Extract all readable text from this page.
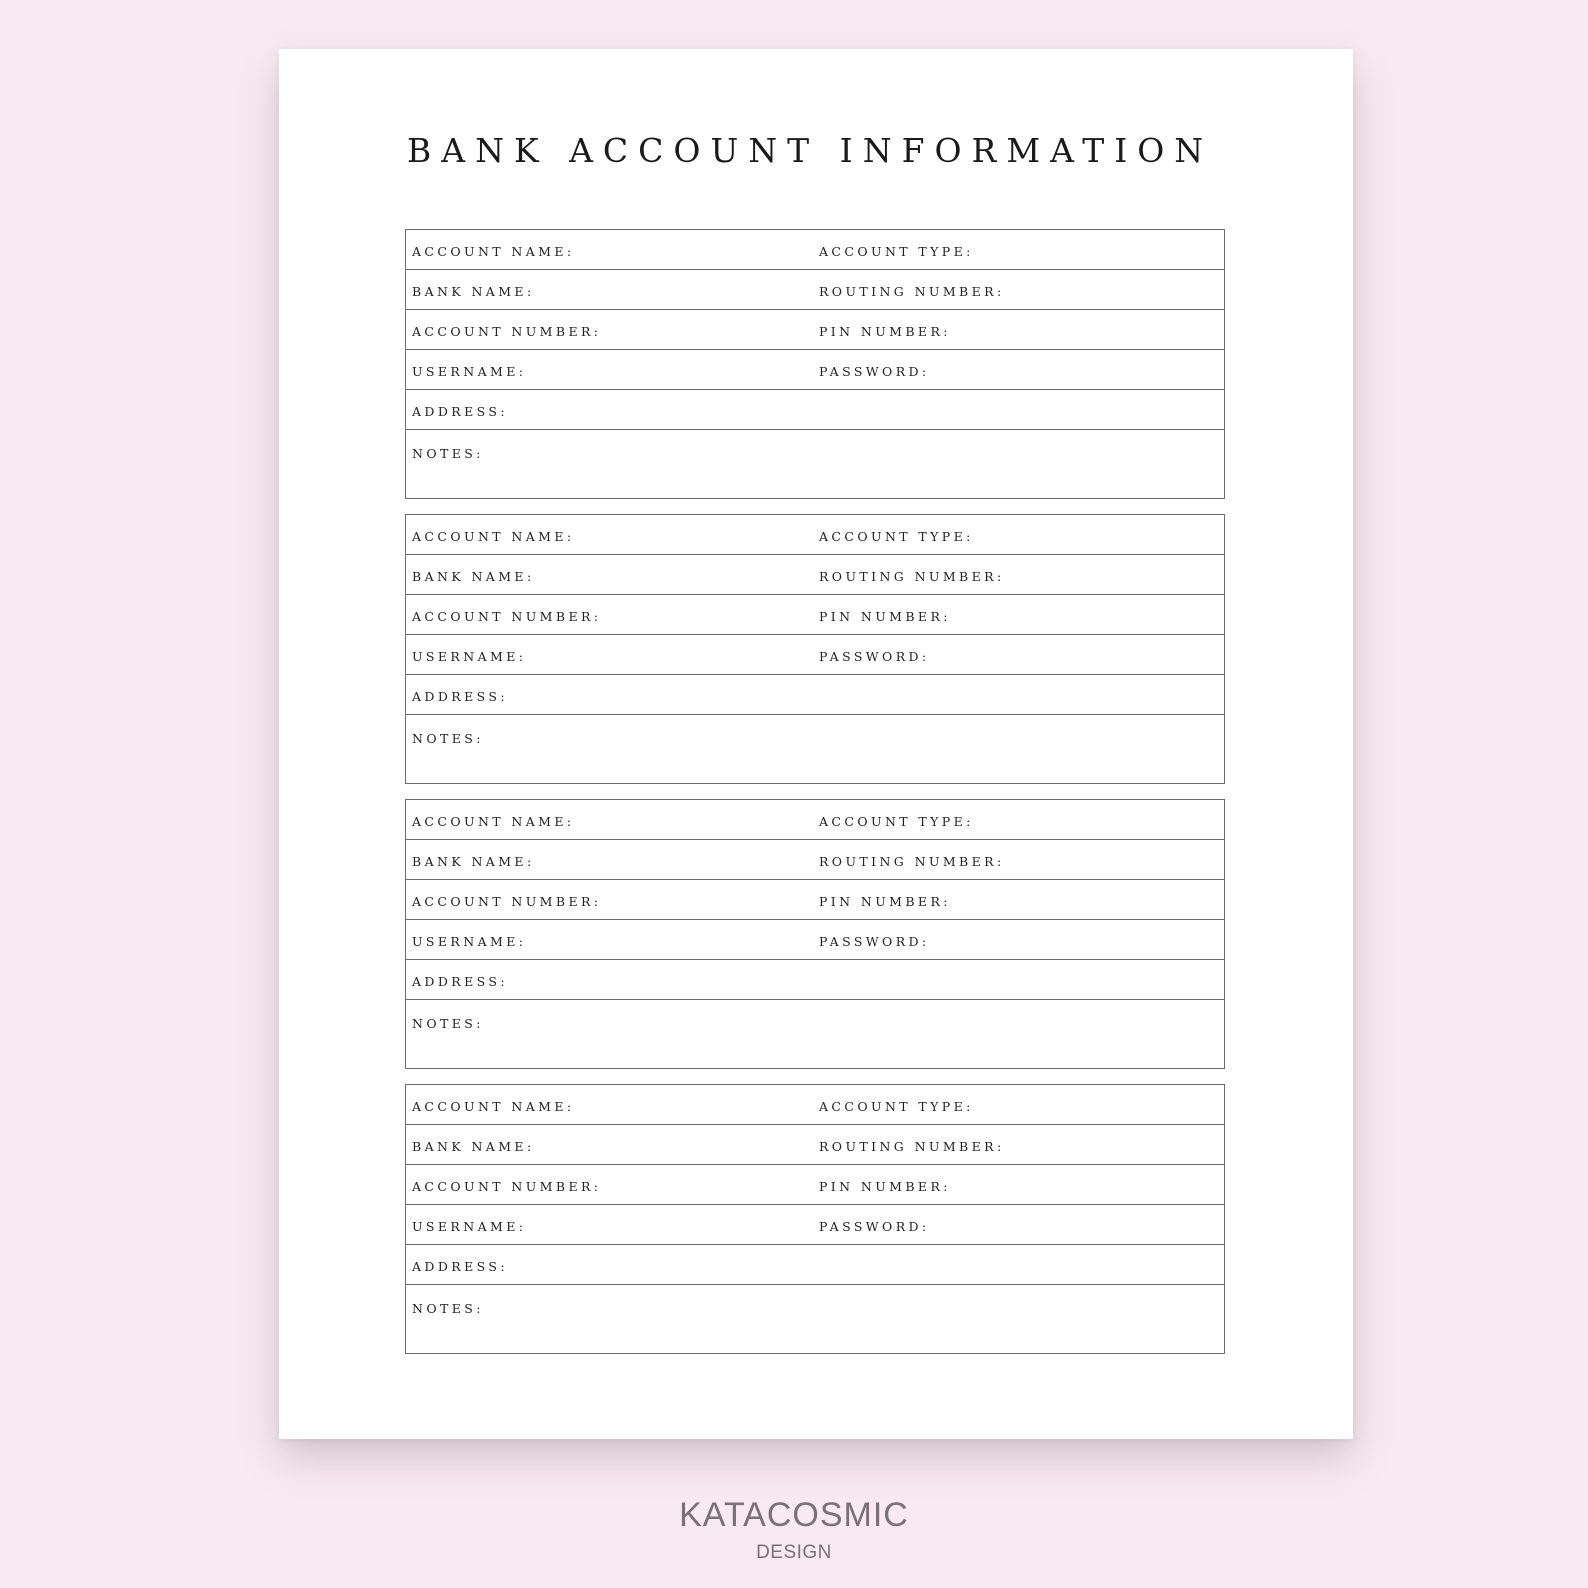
BANK ACCOUNT INFORMATION
ACCOUNT NAME:	ACCOUNT TYPE:
BANK NAME:	ROUTING NUMBER:
ACCOUNT NUMBER:	PIN NUMBER:
USERNAME:	PASSWORD:
ADDRESS:
NOTES:
ACCOUNT NAME:	ACCOUNT TYPE:
BANK NAME:	ROUTING NUMBER:
ACCOUNT NUMBER:	PIN NUMBER:
USERNAME:	PASSWORD:
ADDRESS:
NOTES:
ACCOUNT NAME:	ACCOUNT TYPE:
BANK NAME:	ROUTING NUMBER:
ACCOUNT NUMBER:	PIN NUMBER:
USERNAME:	PASSWORD:
ADDRESS:
NOTES:
ACCOUNT NAME:	ACCOUNT TYPE:
BANK NAME:	ROUTING NUMBER:
ACCOUNT NUMBER:	PIN NUMBER:
USERNAME:	PASSWORD:
ADDRESS:
NOTES:
KATACOSMIC
DESIGN
